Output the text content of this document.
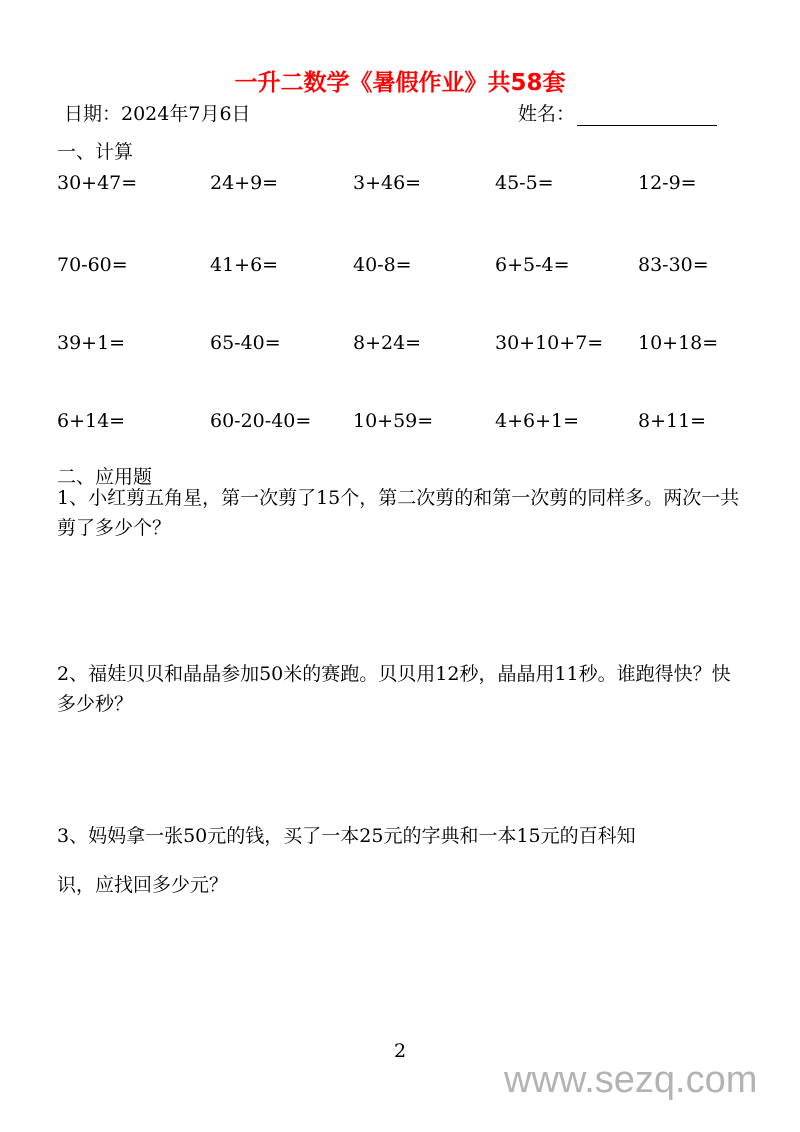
一升二数学《暑假作业》共58套
日期：2024年7月6日	姓名：
一、计算
30+47=	24+9=	3+46=	45-5=	12-9=
70-60=	41+6=	40-8=	6+5-4=	83-30=
39+1=	65-40=	8+24=	30+10+7= 10+18=
6+14=	60-20-40= 10+59=	4+6+1=	8+11=
二、应用题
1、小红剪五角星，第一次剪了15个，第二次剪的和第一次剪的同样多。两次一共剪了多少个？
2、福娃贝贝和晶晶参加50米的赛跑。贝贝用12秒，晶晶用11秒。谁跑得快？快多少秒？
3、妈妈拿一张50元的钱，买了一本25元的字典和一本15元的百科知
识，应找回多少元？
2
www.sezq.com
